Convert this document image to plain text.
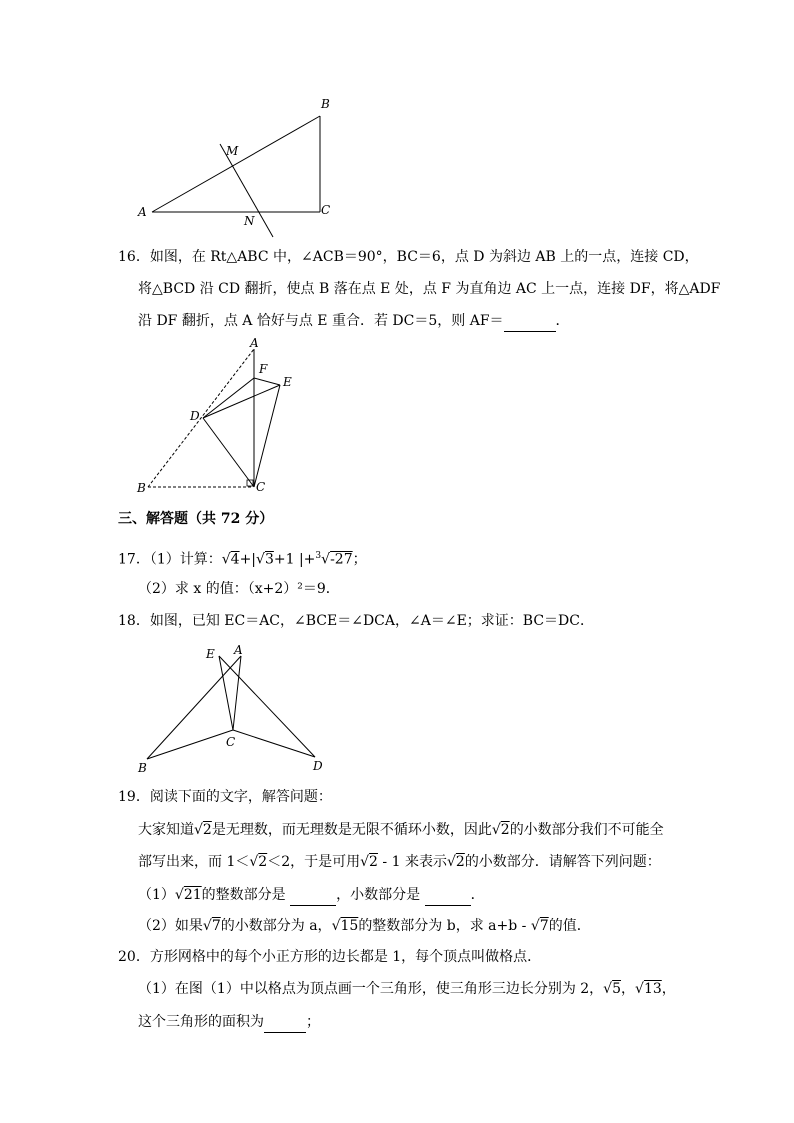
A
B
C
M
N
16．如图，在 Rt△ABC 中，∠ACB＝90°，BC＝6，点 D 为斜边 AB 上的一点，连接 CD，
将△BCD 沿 CD 翻折，使点 B 落在点 E 处，点 F 为直角边 AC 上一点，连接 DF，将△ADF
沿 DF 翻折，点 A 恰好与点 E 重合．若 DC＝5，则 AF＝	．
A
F
E
D
B	C
三、解答题（共 72 分）
17．（1）计算：√4+|√3+1 |+$^3$√-27；
（2）求 x 的值：（x+2）²＝9．
18．如图，已知 EC＝AC，∠BCE＝∠DCA，∠A＝∠E；求证：BC＝DC．
E A
C
B	D
19．阅读下面的文字，解答问题：
大家知道√2是无理数，而无理数是无限不循环小数，因此√2的小数部分我们不可能全
部写出来，而 1＜√2＜2，于是可用√2 - 1 来表示√2的小数部分．请解答下列问题：
（1）√21的整数部分是	，小数部分是	．
（2）如果√7的小数部分为 a，√15的整数部分为 b，求 a+b - √7的值．
20．方形网格中的每个小正方形的边长都是 1，每个顶点叫做格点．
（1）在图（1）中以格点为顶点画一个三角形，使三角形三边长分别为 2，√5，√13，
这个三角形的面积为	；
